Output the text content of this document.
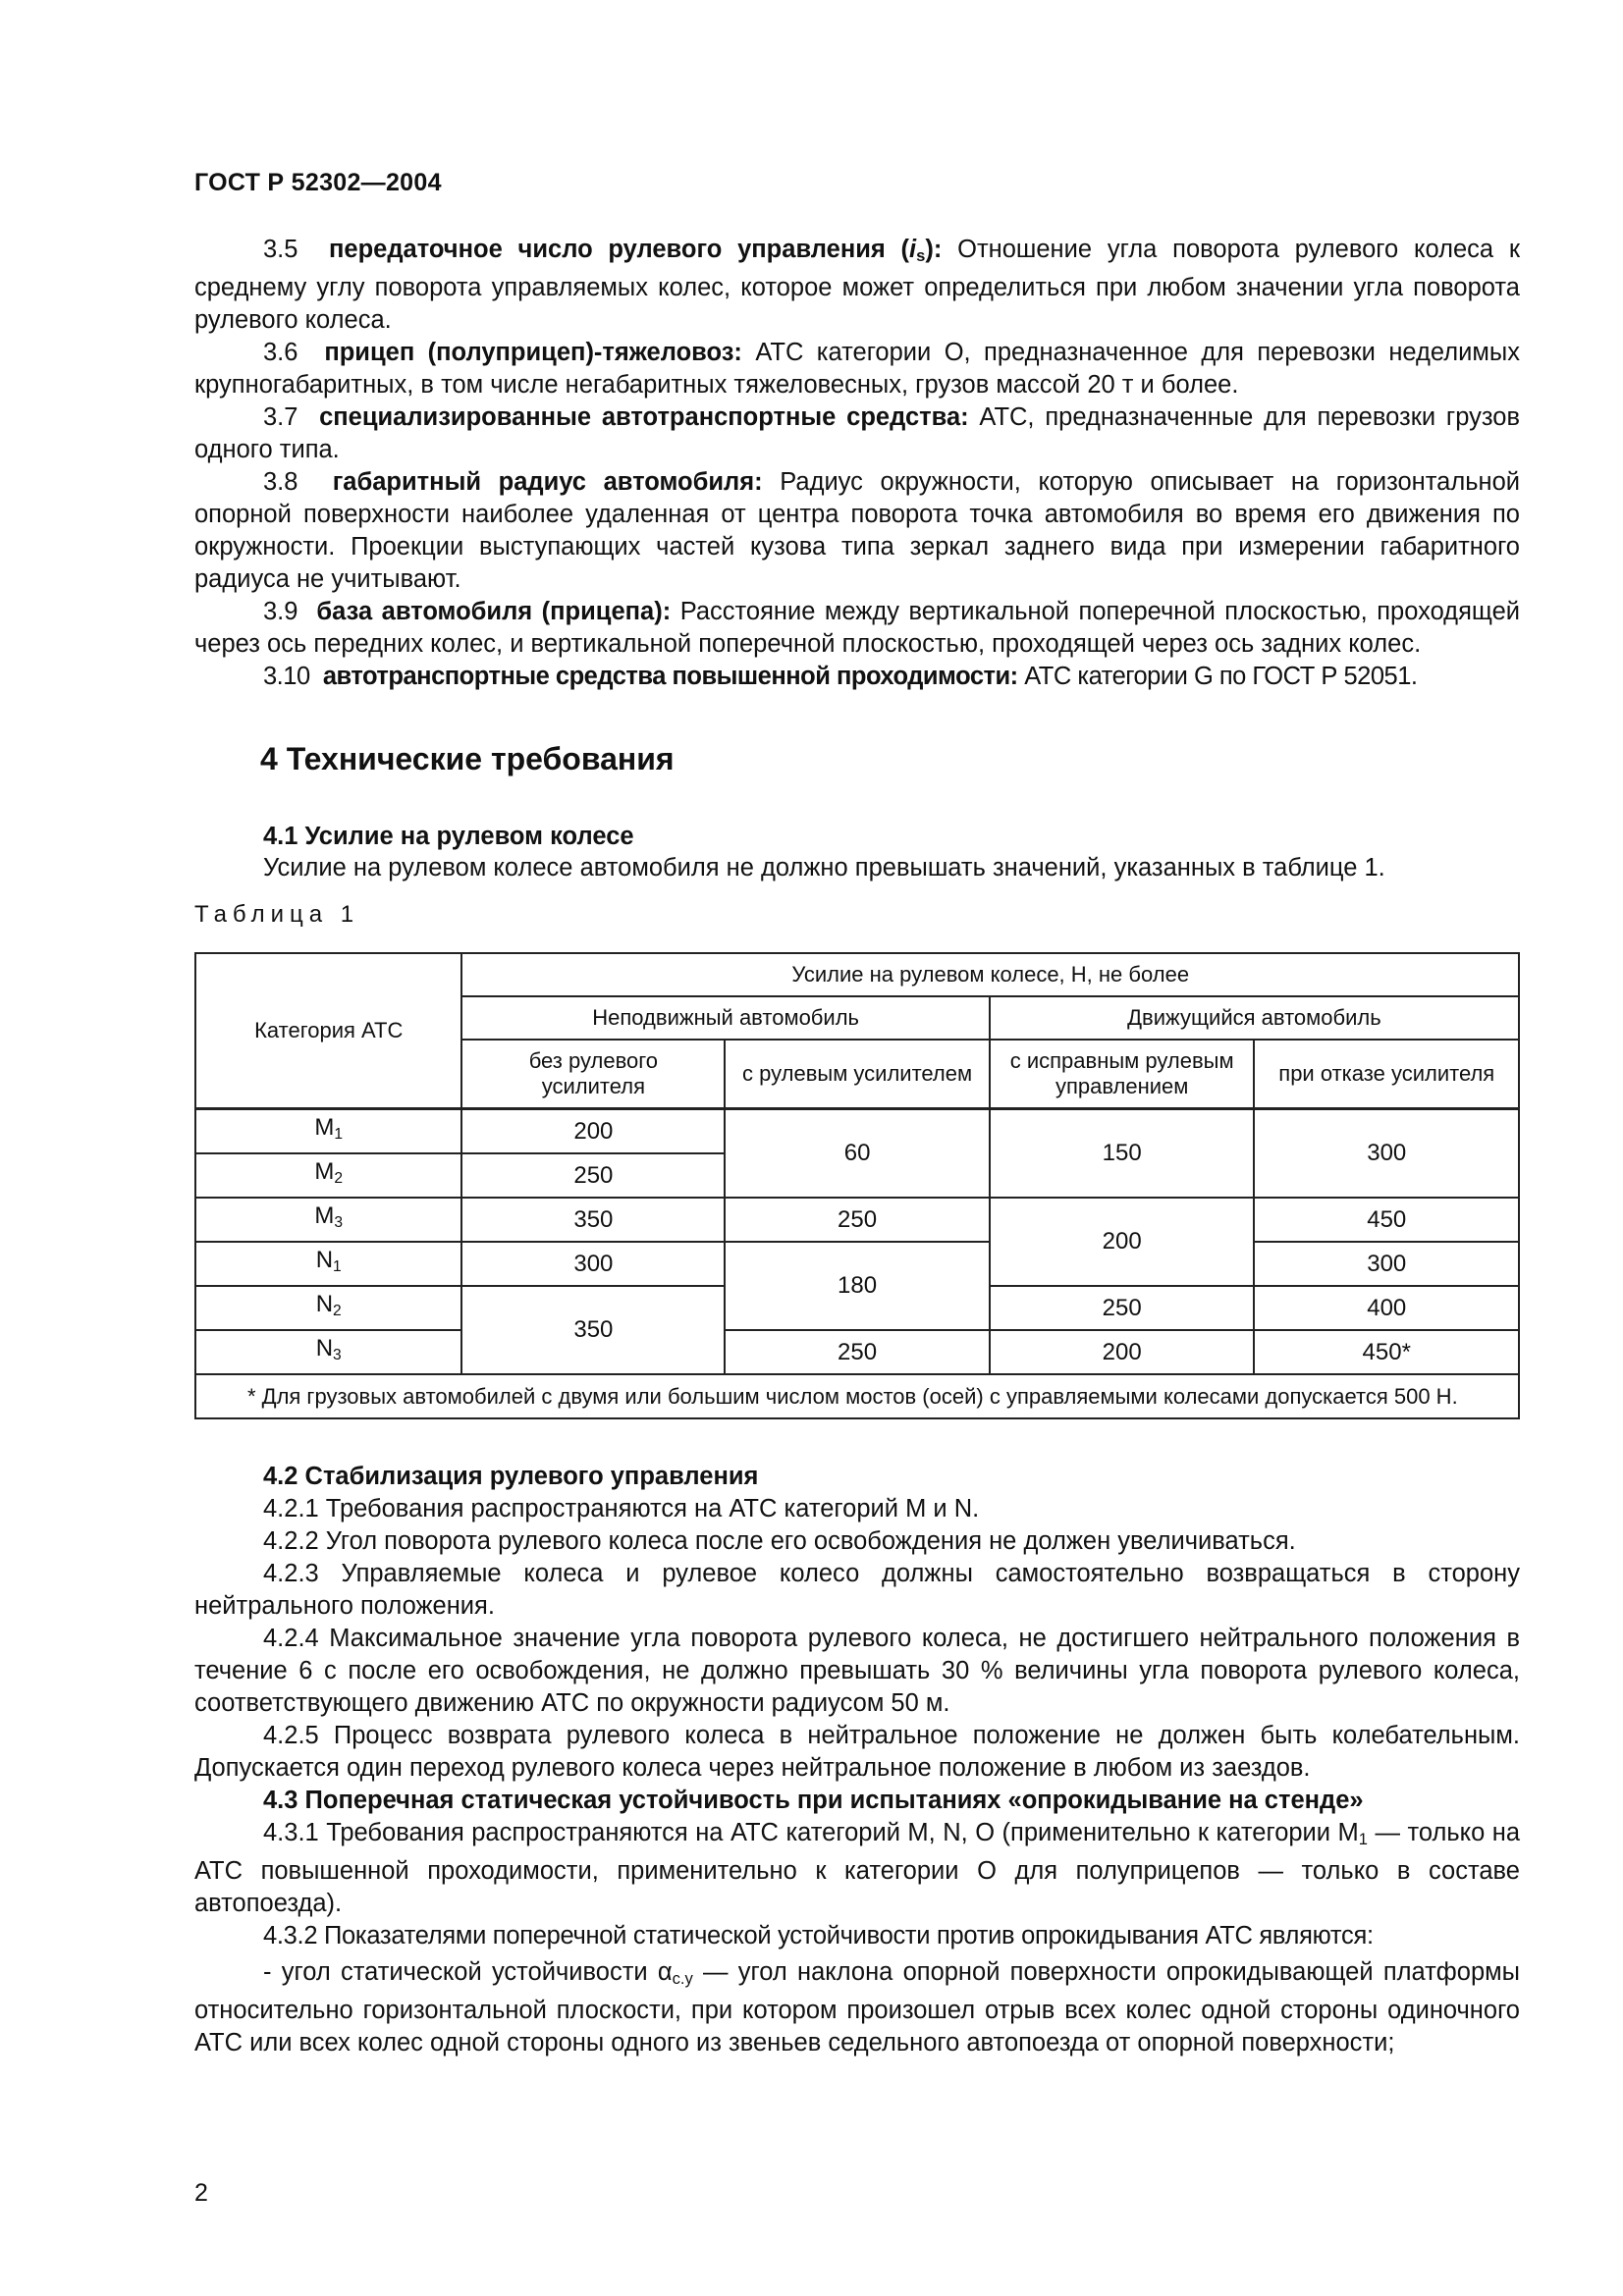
ГОСТ Р 52302—2004

3.5 передаточное число рулевого управления $(i_s)$: Отношение угла поворота рулевого колеса к среднему углу поворота управляемых колес, которое может определиться при любом значении угла поворота рулевого колеса.

3.6 прицеп (полуприцеп)-тяжеловоз: АТС категории О, предназначенное для перевозки неделимых крупногабаритных, в том числе негабаритных тяжеловесных, грузов массой 20 т и более.

3.7 специализированные автотранспортные средства: АТС, предназначенные для перевозки грузов одного типа.

3.8 габаритный радиус автомобиля: Радиус окружности, которую описывает на горизонтальной опорной поверхности наиболее удаленная от центра поворота точка автомобиля во время его движения по окружности. Проекции выступающих частей кузова типа зеркал заднего вида при измерении габаритного радиуса не учитывают.

3.9 база автомобиля (прицепа): Расстояние между вертикальной поперечной плоскостью, проходящей через ось передних колес, и вертикальной поперечной плоскостью, проходящей через ось задних колес.

3.10 автотранспортные средства повышенной проходимости: АТС категории G по ГОСТ Р 52051.

4 Технические требования
4.1 Усилие на рулевом колесе
Усилие на рулевом колесе автомобиля не должно превышать значений, указанных в таблице 1.
Таблица 1
Категория АТС	Усилие на рулевом колесе, Н, не более			
	Неподвижный автомобиль		Движущийся автомобиль	
	без рулевого усилителя	с рулевым усилителем	с исправным рулевым управлением	при отказе усилителя
$M_1$	200	60	150	300
$M_2$	250			
$M_3$	350	250	200	450
$N_1$	300	180		300
$N_2$	350		250	400
$N_3$		250	200	450*
* Для грузовых автомобилей с двумя или большим числом мостов (осей) с управляемыми колесами допускается 500 Н.				

4.2 Стабилизация рулевого управления

4.2.1 Требования распространяются на АТС категорий M и N.

4.2.2 Угол поворота рулевого колеса после его освобождения не должен увеличиваться.

4.2.3 Управляемые колеса и рулевое колесо должны самостоятельно возвращаться в сторону нейтрального положения.

4.2.4 Максимальное значение угла поворота рулевого колеса, не достигшего нейтрального положения в течение 6 с после его освобождения, не должно превышать 30 % величины угла поворота рулевого колеса, соответствующего движению АТС по окружности радиусом 50 м.

4.2.5 Процесс возврата рулевого колеса в нейтральное положение не должен быть колебательным. Допускается один переход рулевого колеса через нейтральное положение в любом из заездов.

4.3 Поперечная статическая устойчивость при испытаниях «опрокидывание на стенде»

4.3.1 Требования распространяются на АТС категорий M, N, O (применительно к категории $M_1$ — только на АТС повышенной проходимости, применительно к категории O для полуприцепов — только в составе автопоезда).

4.3.2 Показателями поперечной статической устойчивости против опрокидывания АТС являются:

- угол статической устойчивости $\alpha_{с.у}$ — угол наклона опорной поверхности опрокидывающей платформы относительно горизонтальной плоскости, при котором произошел отрыв всех колес одной стороны одиночного АТС или всех колес одной стороны одного из звеньев седельного автопоезда от опорной поверхности;

2
